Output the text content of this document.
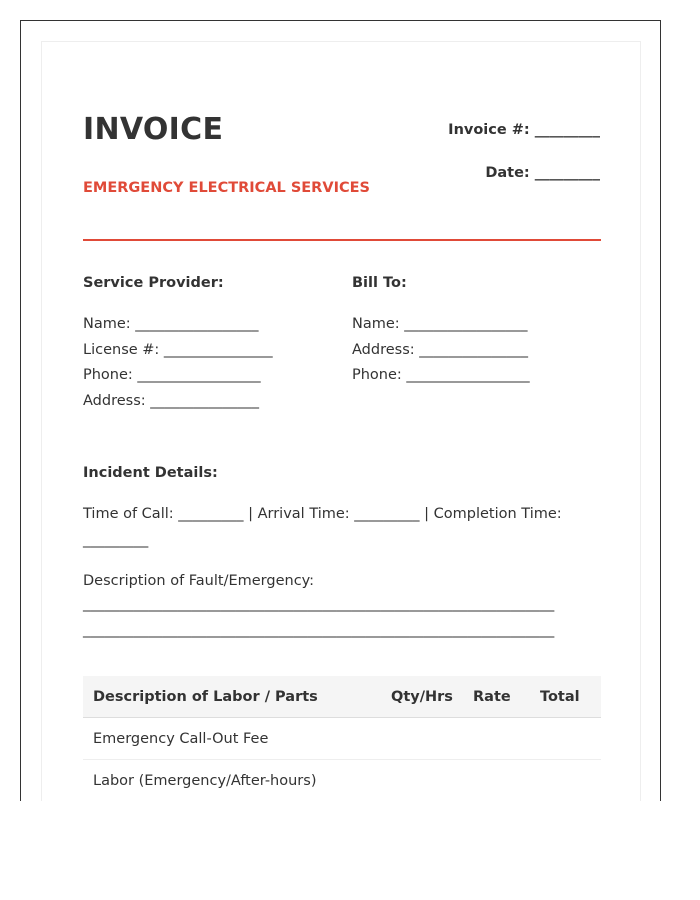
INVOICE
EMERGENCY ELECTRICAL SERVICES
Invoice #: _________
Date: _________
Service Provider:
Name: _________________
License #: _______________
Phone: _________________
Address: _______________
Bill To:
Name: _________________
Address: _______________
Phone: _________________
Incident Details:
Time of Call: _________ | Arrival Time: _________ | Completion Time:
_________
Description of Fault/Emergency:
_________________________________________________________________
_________________________________________________________________
Description of Labor / Parts	Qty/Hrs	Rate	Total
Emergency Call-Out Fee			
Labor (Emergency/After-hours)			
